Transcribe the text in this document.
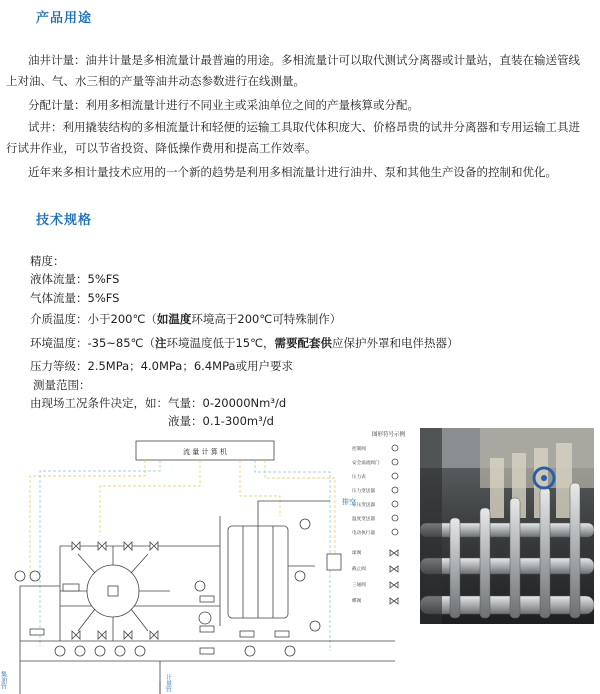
产品用途
油井计量：油井计量是多相流量计最普遍的用途。多相流量计可以取代测试分离器或计量站，直装在输送管线上对油、气、水三相的产量等油井动态参数进行在线测量。
分配计量：利用多相流量计进行不同业主或采油单位之间的产量核算或分配。
试井：利用撬装结构的多相流量计和轻便的运输工具取代体积庞大、价格昂贵的试井分离器和专用运输工具进行试井作业，可以节省投资、降低操作费用和提高工作效率。
近年来多相计量技术应用的一个新的趋势是利用多相流量计进行油井、泵和其他生产设备的控制和优化。
技术规格
精度：
液体流量：5%FS
气体流量：5%FS
介质温度：小于200℃（如温度环境高于200℃可特殊制作）
环境温度：-35~85℃（注环境温度低于15℃，需要配套供应保护外罩和电伴热器）
压力等级：2.5MPa；4.0MPa；6.4MPa或用户要求
测量范围：
由现场工况条件决定，如：气量：0-20000Nm³/d
液量：0.1-300m³/d
流 量 计 算 机
排空
图形符号示例
控制阀
安全溢流阀门
压力表
压力变送器
差压变送器
温度变送器
电动执行器
球阀
截止阀
三通阀
蝶阀
集油管	计量管
